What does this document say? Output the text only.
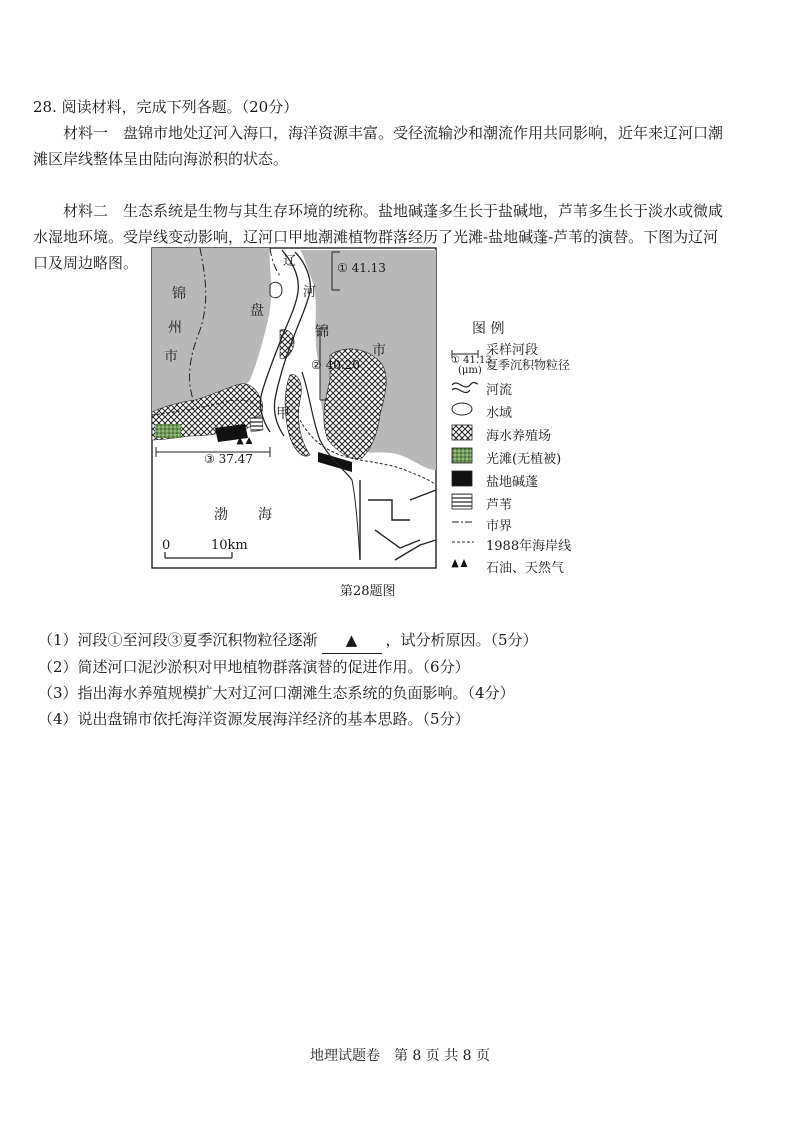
28. 阅读材料，完成下列各题。（20分）
材料一　 盘锦市地处辽河入海口，海洋资源丰富。受径流输沙和潮流作用共同影响，近年来辽河口潮滩区岸线整体呈由陆向海淤积的状态。
材料二　 生态系统是生物与其生存环境的统称。盐地碱蓬多生长于盐碱地，芦苇多生长于淡水或微咸水湿地环境。受岸线变动影响，辽河口甲地潮滩植物群落经历了光滩-盐地碱蓬-芦苇的演替。下图为辽河口及周边略图。
锦
州
市
盘
锦
市
辽
河
甲
渤 海
0	10km
① 41.13
② 40.20
③ 37.47
图 例
采样河段
夏季沉积物粒径
① 41.13
(μm)
河流
水域
海水养殖场
光滩(无植被)
盐地碱蓬
芦苇
市界
1988年海岸线
石油、天然气
第28题图
（1）河段①至河段③夏季沉积物粒径逐渐 ▲ ，试分析原因。（5分）
（2）简述河口泥沙淤积对甲地植物群落演替的促进作用。（6分）
（3）指出海水养殖规模扩大对辽河口潮滩生态系统的负面影响。（4分）
（4）说出盘锦市依托海洋资源发展海洋经济的基本思路。（5分）
地理试题卷　第 8 页 共 8 页
